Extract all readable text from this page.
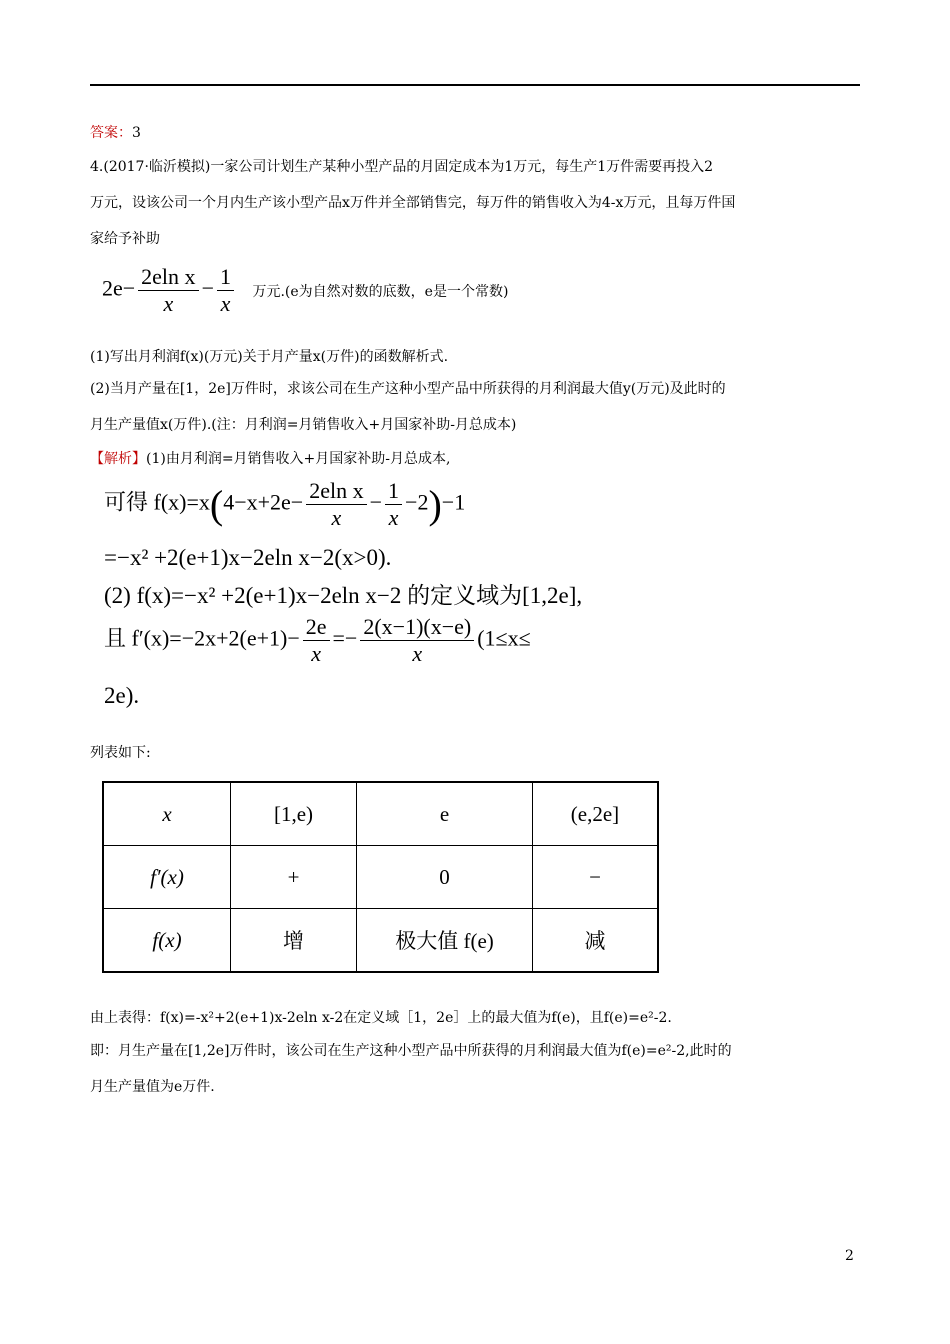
答案：3
4.(2017·临沂模拟)一家公司计划生产某种小型产品的月固定成本为1万元，每生产1万件需要再投入2
万元，设该公司一个月内生产该小型产品x万件并全部销售完，每万件的销售收入为4-x万元，且每万件国
家给予补助
$2e- \frac{\text{2eln x}}{x} - \frac{1}{x}$ 万元.(e为自然对数的底数，e是一个常数)
(1)写出月利润f(x)(万元)关于月产量x(万件)的函数解析式.
(2)当月产量在[1，2e]万件时，求该公司在生产这种小型产品中所获得的月利润最大值y(万元)及此时的
月生产量值x(万件).(注：月利润=月销售收入+月国家补助-月总成本)
【解析】(1)由月利润=月销售收入+月国家补助-月总成本,
可得 $f(x)=x(4-x+2e- \frac{\text{2eln x}}{x} - \frac{1}{x} -2)-1$
=−x² +2(e+1)x−2eln x−2(x>0).
(2) f(x)=−x² +2(e+1)x−2eln x−2 的定义域为[1,2e],
且 $f'(x)=-2x+2(e+1)- \frac{2e}{x} =- \frac{2(x-1)(x-e)}{x} (1\le x\le$
2e).
列表如下:
x	[1,e)	e	(e,2e]
f′(x)	+	0	−
f(x)	增	极大值 f(e)	减
由上表得：f(x)=-x²+2(e+1)x-2eln x-2在定义域［1，2e］上的最大值为f(e)，且f(e)=e²-2.
即：月生产量在[1,2e]万件时，该公司在生产这种小型产品中所获得的月利润最大值为f(e)=e²-2,此时的
月生产量值为e万件.
2
